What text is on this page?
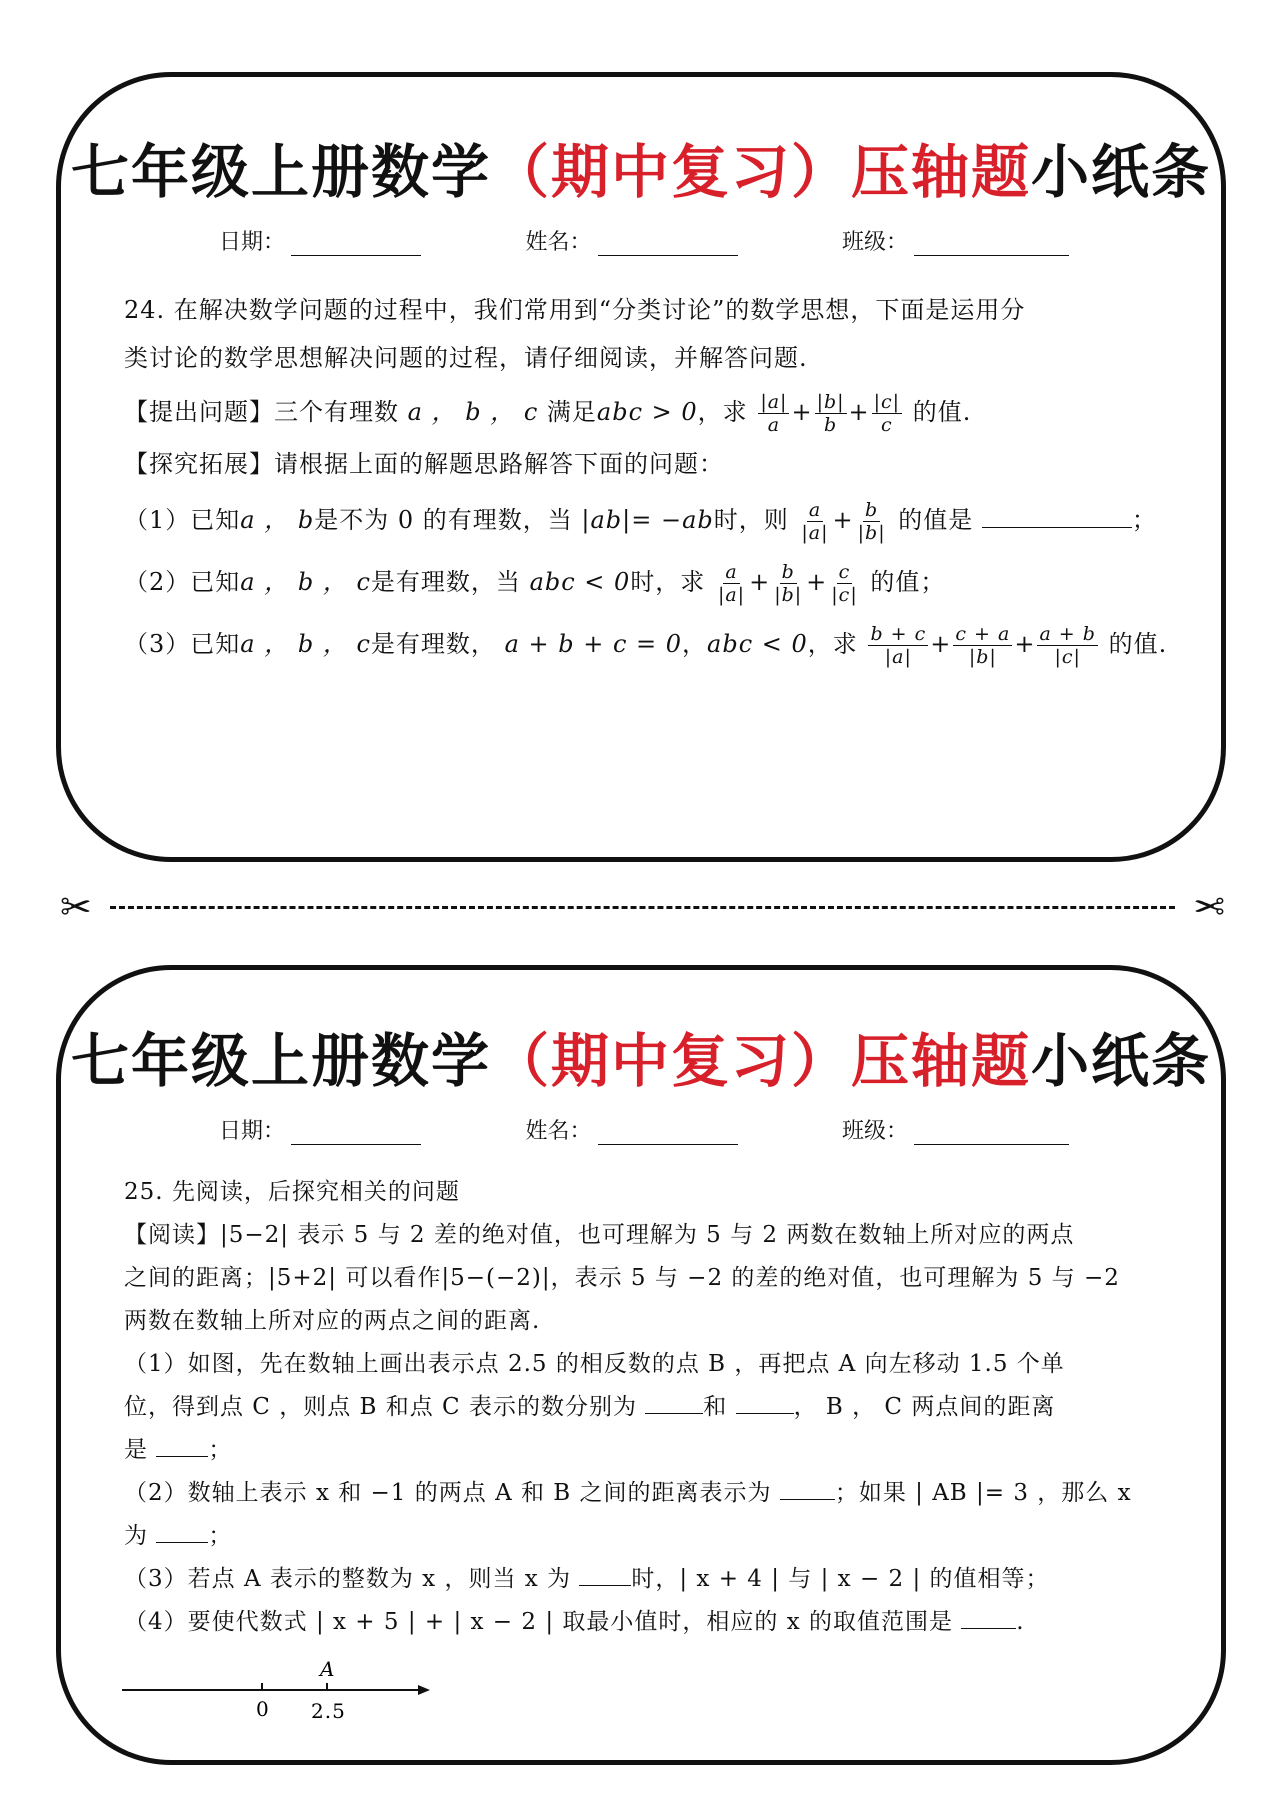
七年级上册数学（期中复习）压轴题小纸条
日期：	姓名：	班级：
24. 在解决数学问题的过程中，我们常用到“分类讨论”的数学思想，下面是运用分
类讨论的数学思想解决问题的过程，请仔细阅读，并解答问题.
【提出问题】三个有理数 a ， b ， c 满足abc > 0，求 $\frac{|a|}{a} + \frac{|b|}{b} + \frac{|c|}{c}$ 的值.
【探究拓展】请根据上面的解题思路解答下面的问题：
（1）已知a ， b是不为 0 的有理数，当 |ab|= −ab时，则 $\frac{a}{|a|} + \frac{b}{|b|}$ 的值是	；
（2）已知a ， b ， c是有理数，当 abc < 0时，求 $\frac{a}{|a|} + \frac{b}{|b|} + \frac{c}{|c|}$ 的值；
（3）已知a ， b ， c是有理数， a + b + c = 0，abc < 0，求 $\frac{b + c}{|a|} + \frac{c + a}{|b|} + \frac{a + b}{|c|}$ 的值.
✂	✂
七年级上册数学（期中复习）压轴题小纸条
日期：	姓名：	班级：
25. 先阅读，后探究相关的问题
【阅读】|5−2| 表示 5 与 2 差的绝对值，也可理解为 5 与 2 两数在数轴上所对应的两点
之间的距离；|5+2| 可以看作|5−(−2)|，表示 5 与 −2 的差的绝对值，也可理解为 5 与 −2
两数在数轴上所对应的两点之间的距离.
（1）如图，先在数轴上画出表示点 2.5 的相反数的点 B ，再把点 A 向左移动 1.5 个单
位，得到点 C ，则点 B 和点 C 表示的数分别为	和	， B ， C 两点间的距离
是	；
（2）数轴上表示 x 和 −1 的两点 A 和 B 之间的距离表示为	；如果 | AB |= 3 ，那么 x
为	；
（3）若点 A 表示的整数为 x ，则当 x 为	时，| x + 4 | 与 | x − 2 | 的值相等；
（4）要使代数式 | x + 5 | + | x − 2 | 取最小值时，相应的 x 的取值范围是	.
0 2.5
A
